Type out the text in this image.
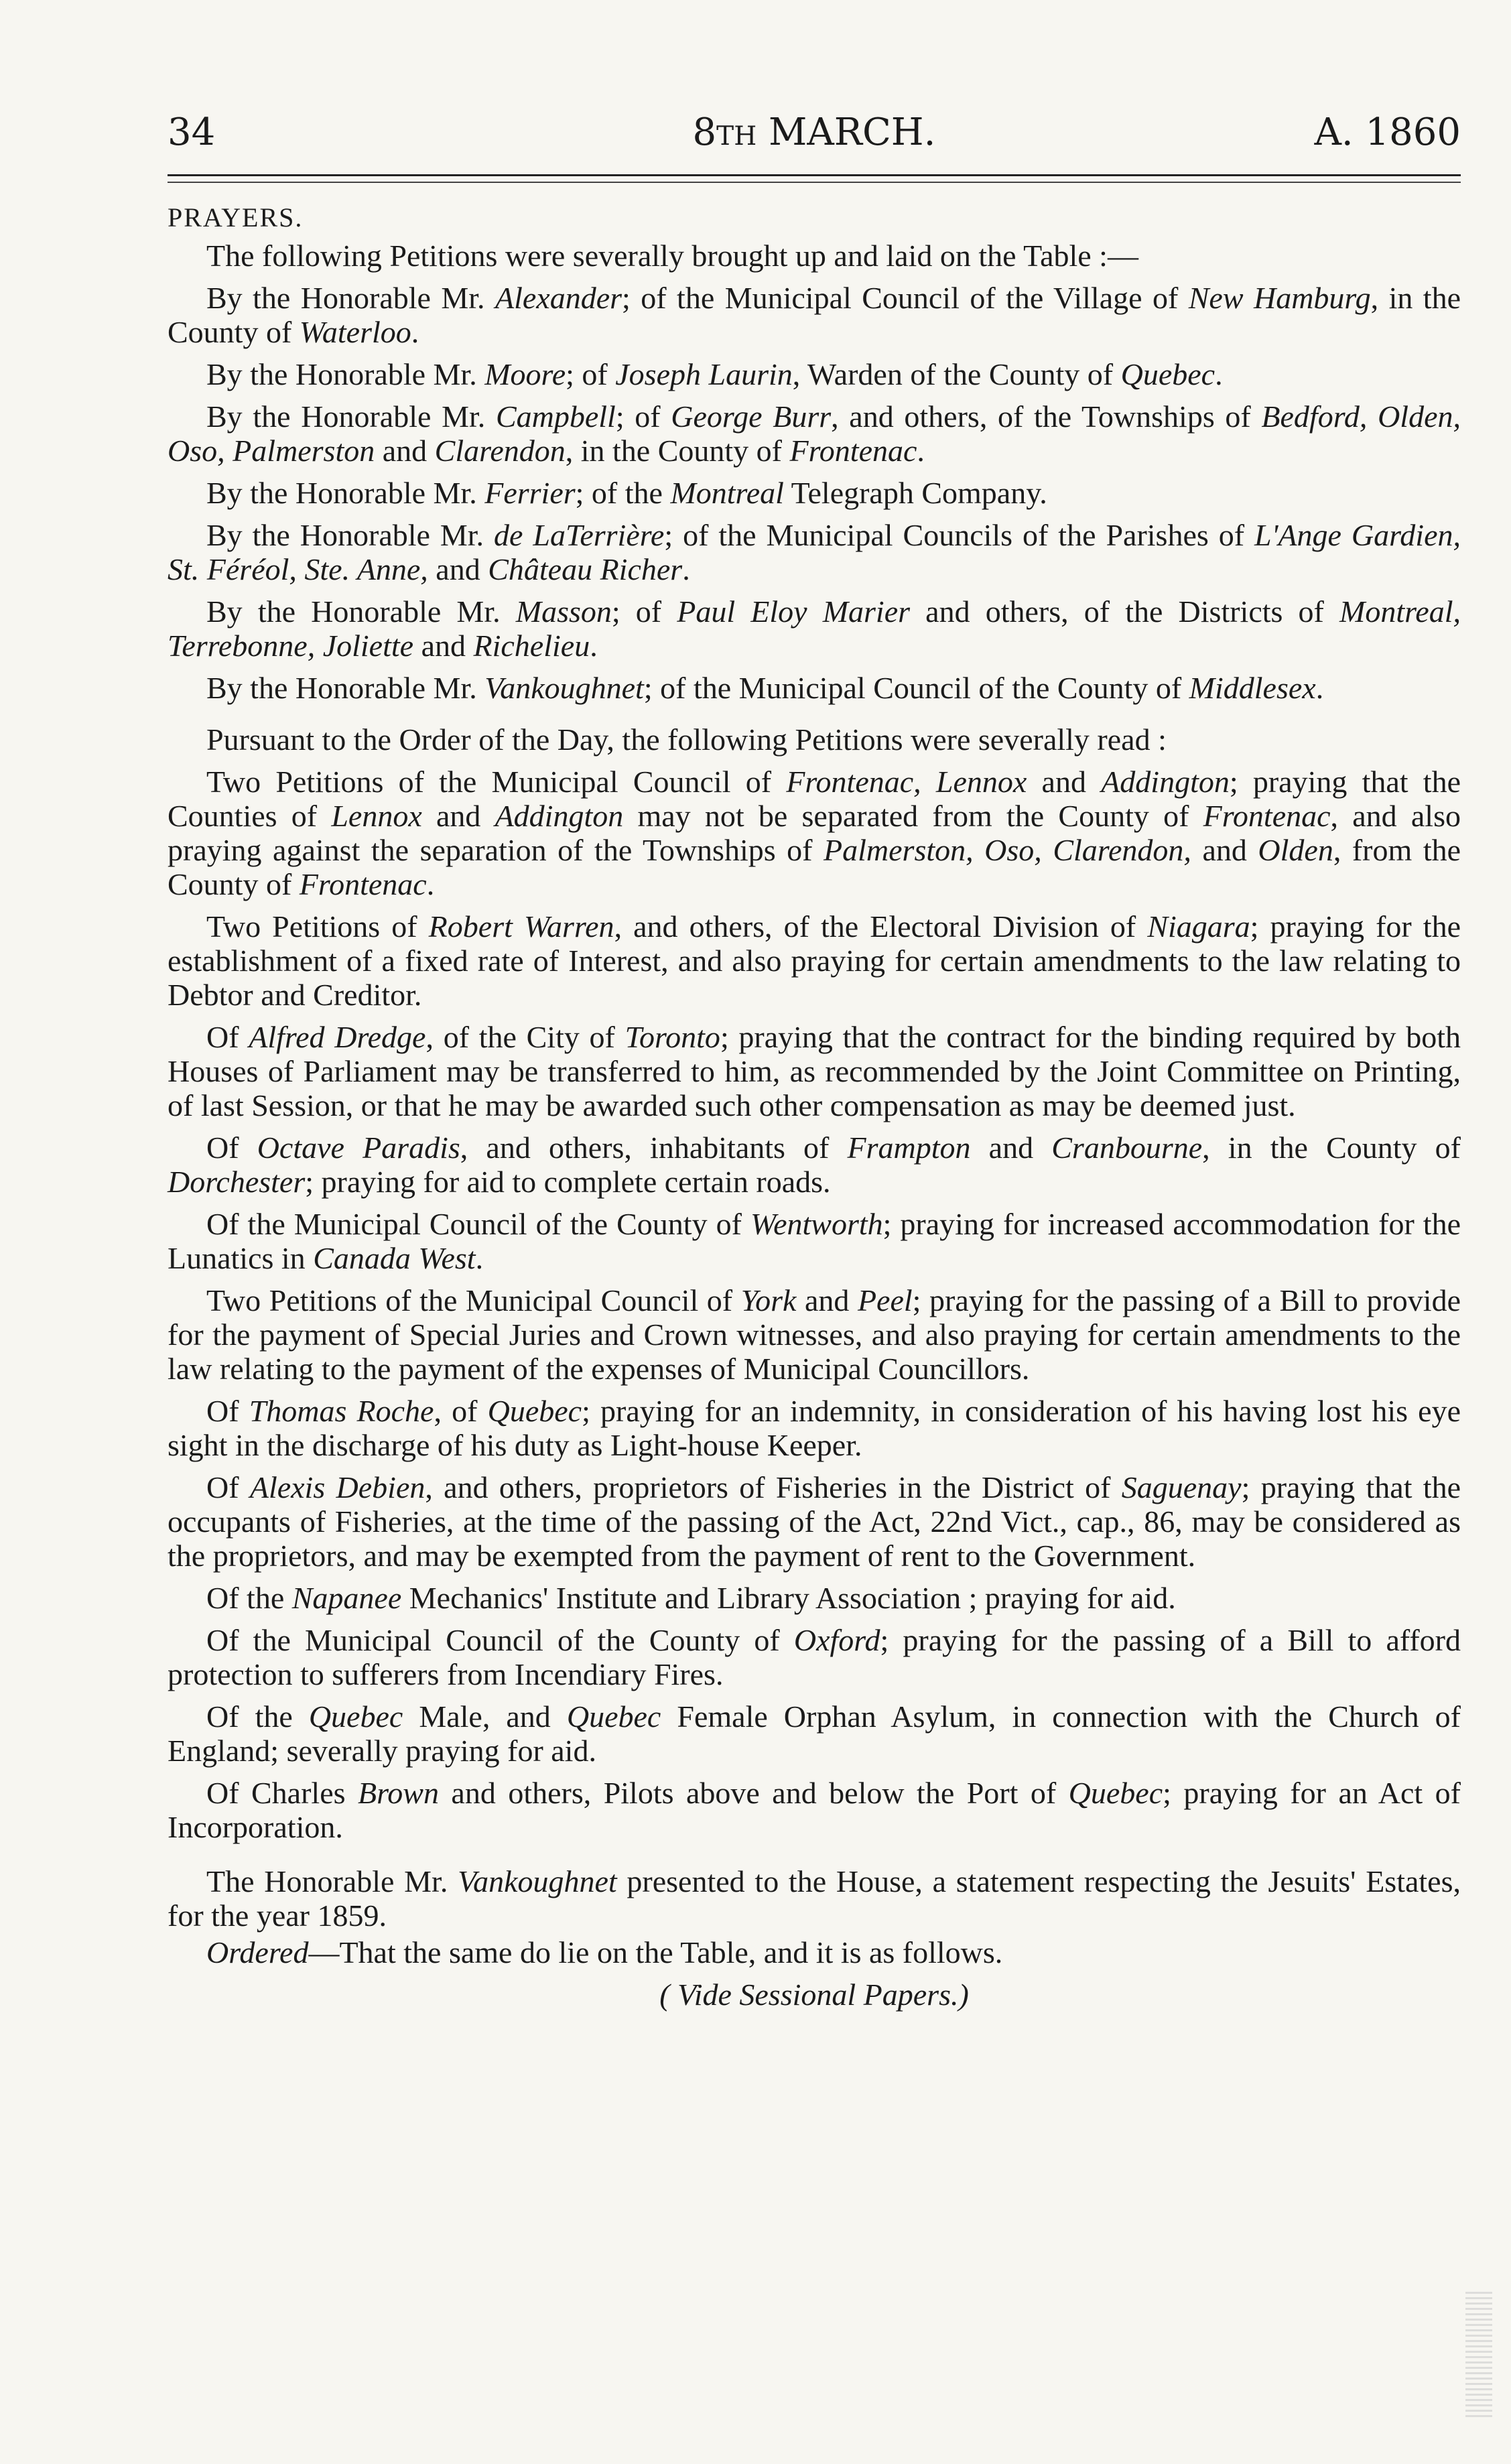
34	8th MARCH.	A. 1860

PRAYERS.

The following Petitions were severally brought up and laid on the Table :—

By the Honorable Mr. Alexander; of the Municipal Council of the Village of New Hamburg, in the County of Waterloo.

By the Honorable Mr. Moore; of Joseph Laurin, Warden of the County of Quebec.

By the Honorable Mr. Campbell; of George Burr, and others, of the Townships of Bedford, Olden, Oso, Palmerston and Clarendon, in the County of Frontenac.

By the Honorable Mr. Ferrier; of the Montreal Telegraph Company.

By the Honorable Mr. de LaTerrière; of the Municipal Councils of the Parishes of L'Ange Gardien, St. Féréol, Ste. Anne, and Château Richer.

By the Honorable Mr. Masson; of Paul Eloy Marier and others, of the Districts of Montreal, Terrebonne, Joliette and Richelieu.

By the Honorable Mr. Vankoughnet; of the Municipal Council of the County of Middlesex.

Pursuant to the Order of the Day, the following Petitions were severally read :

Two Petitions of the Municipal Council of Frontenac, Lennox and Addington; praying that the Counties of Lennox and Addington may not be separated from the County of Frontenac, and also praying against the separation of the Townships of Palmerston, Oso, Clarendon, and Olden, from the County of Frontenac.

Two Petitions of Robert Warren, and others, of the Electoral Division of Niagara; praying for the establishment of a fixed rate of Interest, and also praying for certain amendments to the law relating to Debtor and Creditor.

Of Alfred Dredge, of the City of Toronto; praying that the contract for the binding required by both Houses of Parliament may be transferred to him, as recommended by the Joint Committee on Printing, of last Session, or that he may be awarded such other compensation as may be deemed just.

Of Octave Paradis, and others, inhabitants of Frampton and Cranbourne, in the County of Dorchester; praying for aid to complete certain roads.

Of the Municipal Council of the County of Wentworth; praying for increased accommodation for the Lunatics in Canada West.

Two Petitions of the Municipal Council of York and Peel; praying for the passing of a Bill to provide for the payment of Special Juries and Crown witnesses, and also praying for certain amendments to the law relating to the payment of the expenses of Municipal Councillors.

Of Thomas Roche, of Quebec; praying for an indemnity, in consideration of his having lost his eye sight in the discharge of his duty as Light-house Keeper.

Of Alexis Debien, and others, proprietors of Fisheries in the District of Saguenay; praying that the occupants of Fisheries, at the time of the passing of the Act, 22nd Vict., cap., 86, may be considered as the proprietors, and may be exempted from the payment of rent to the Government.

Of the Napanee Mechanics' Institute and Library Association ; praying for aid.

Of the Municipal Council of the County of Oxford; praying for the passing of a Bill to afford protection to sufferers from Incendiary Fires.

Of the Quebec Male, and Quebec Female Orphan Asylum, in connection with the Church of England; severally praying for aid.

Of Charles Brown and others, Pilots above and below the Port of Quebec; praying for an Act of Incorporation.

The Honorable Mr. Vankoughnet presented to the House, a statement respecting the Jesuits' Estates, for the year 1859.

Ordered—That the same do lie on the Table, and it is as follows.

( Vide Sessional Papers.)
